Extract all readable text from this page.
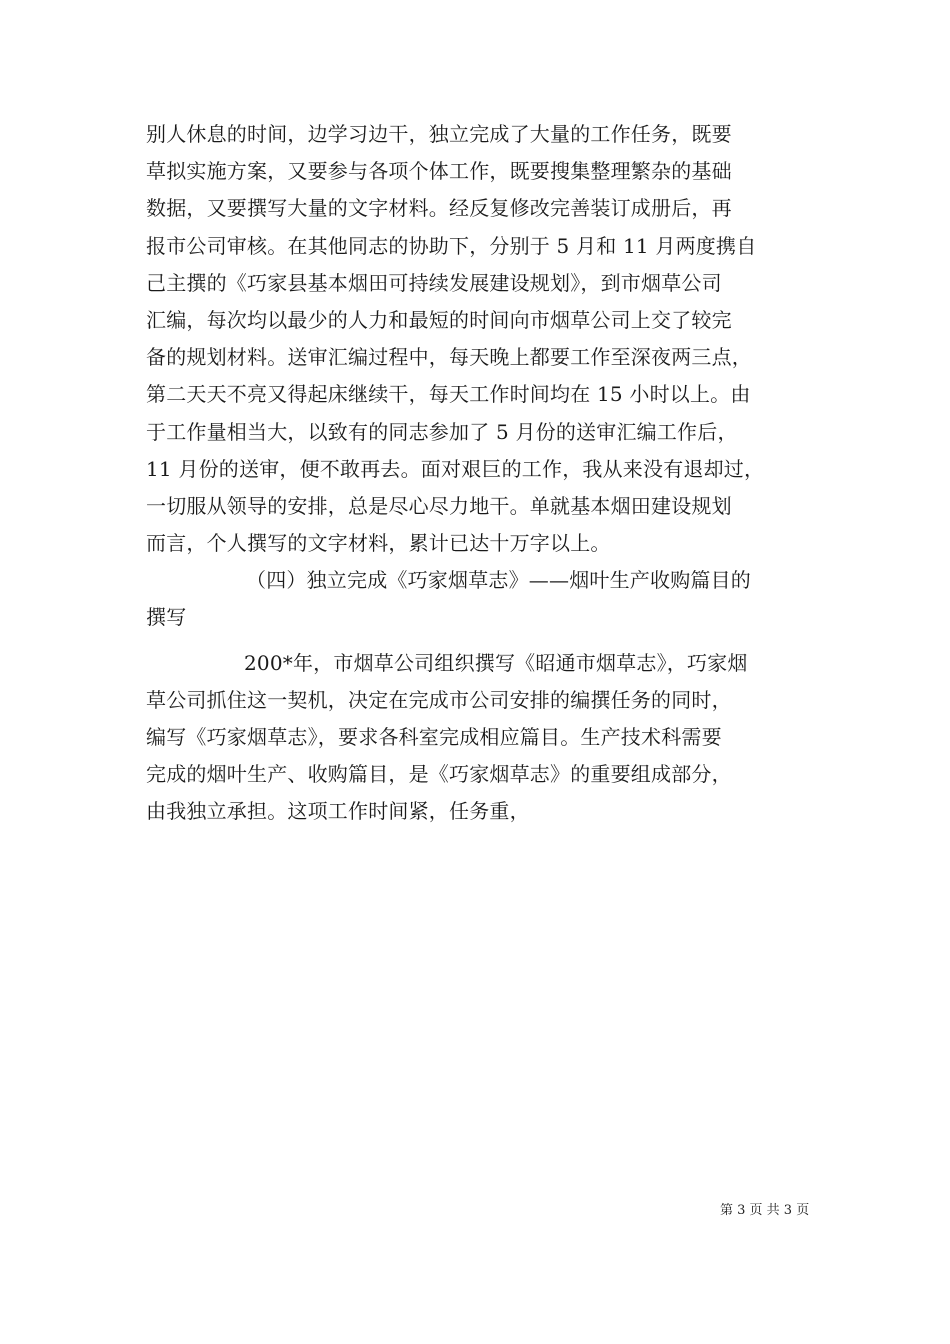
别人休息的时间，边学习边干，独立完成了大量的工作任务，既要
草拟实施方案，又要参与各项个体工作，既要搜集整理繁杂的基础
数据，又要撰写大量的文字材料。经反复修改完善装订成册后，再
报市公司审核。在其他同志的协助下，分别于 5 月和 11 月两度携自
己主撰的《巧家县基本烟田可持续发展建设规划》，到市烟草公司
汇编，每次均以最少的人力和最短的时间向市烟草公司上交了较完
备的规划材料。送审汇编过程中，每天晚上都要工作至深夜两三点，
第二天天不亮又得起床继续干，每天工作时间均在 15 小时以上。由
于工作量相当大，以致有的同志参加了 5 月份的送审汇编工作后，
11 月份的送审，便不敢再去。面对艰巨的工作，我从来没有退却过，
一切服从领导的安排，总是尽心尽力地干。单就基本烟田建设规划
而言，个人撰写的文字材料，累计已达十万字以上。
（四）独立完成《巧家烟草志》——烟叶生产收购篇目的
撰写
200*年，市烟草公司组织撰写《昭通市烟草志》，巧家烟
草公司抓住这一契机，决定在完成市公司安排的编撰任务的同时，
编写《巧家烟草志》，要求各科室完成相应篇目。生产技术科需要
完成的烟叶生产、收购篇目，是《巧家烟草志》的重要组成部分，
由我独立承担。这项工作时间紧，任务重，
第 3 页 共 3 页
